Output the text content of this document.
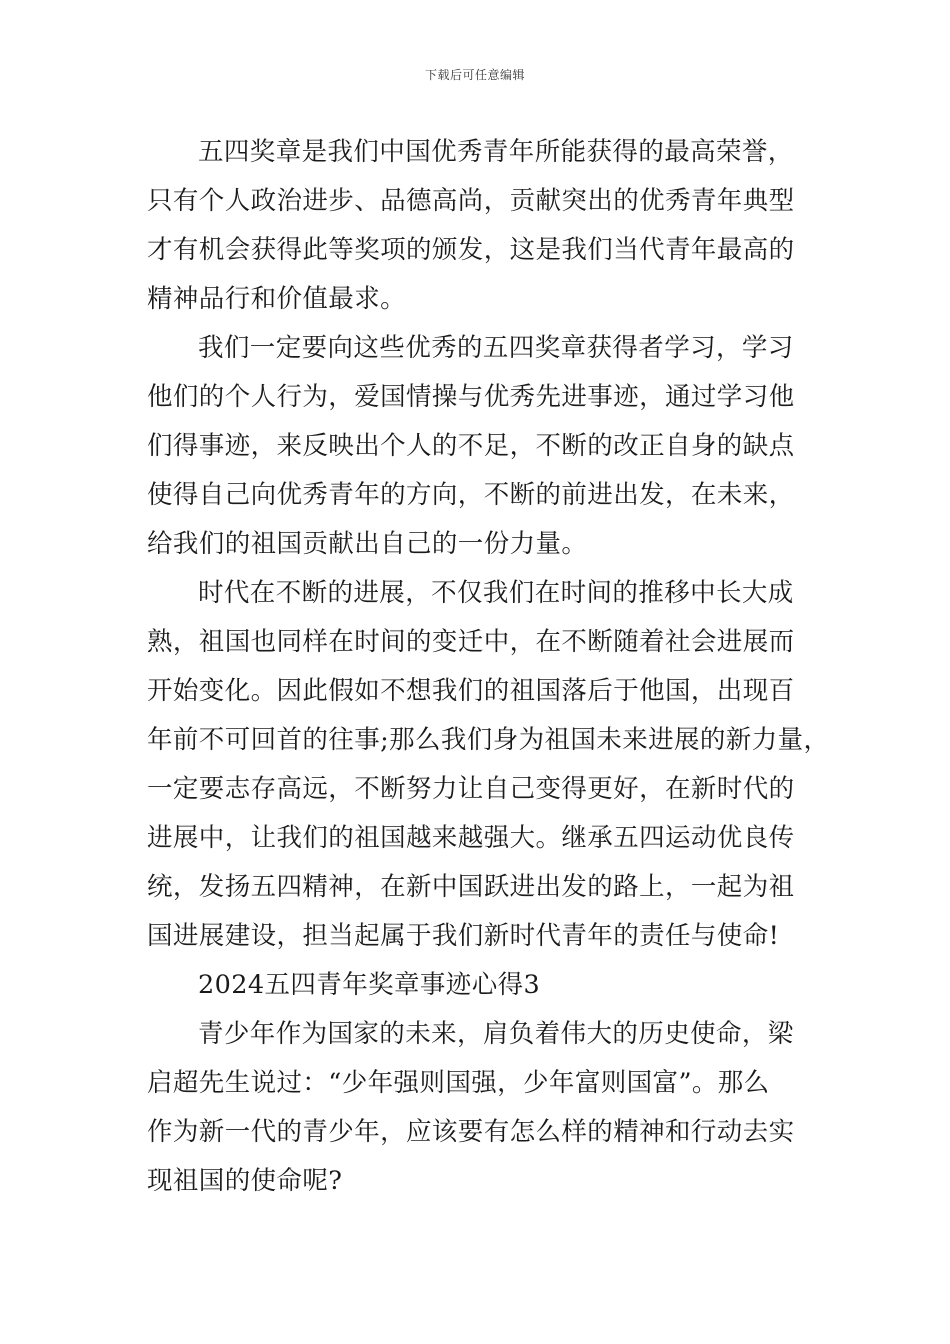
下载后可任意编辑
五四奖章是我们中国优秀青年所能获得的最高荣誉，
只有个人政治进步、品德高尚，贡献突出的优秀青年典型
才有机会获得此等奖项的颁发，这是我们当代青年最高的
精神品行和价值最求。
我们一定要向这些优秀的五四奖章获得者学习，学习
他们的个人行为，爱国情操与优秀先进事迹，通过学习他
们得事迹，来反映出个人的不足，不断的改正自身的缺点
使得自己向优秀青年的方向，不断的前进出发，在未来，
给我们的祖国贡献出自己的一份力量。
时代在不断的进展，不仅我们在时间的推移中长大成
熟，祖国也同样在时间的变迁中，在不断随着社会进展而
开始变化。因此假如不想我们的祖国落后于他国，出现百
年前不可回首的往事;那么我们身为祖国未来进展的新力量，
一定要志存高远，不断努力让自己变得更好，在新时代的
进展中，让我们的祖国越来越强大。继承五四运动优良传
统，发扬五四精神，在新中国跃进出发的路上，一起为祖
国进展建设，担当起属于我们新时代青年的责任与使命!
2024五四青年奖章事迹心得3
青少年作为国家的未来，肩负着伟大的历史使命，梁
启超先生说过：“少年强则国强，少年富则国富”。那么
作为新一代的青少年，应该要有怎么样的精神和行动去实
现祖国的使命呢?
